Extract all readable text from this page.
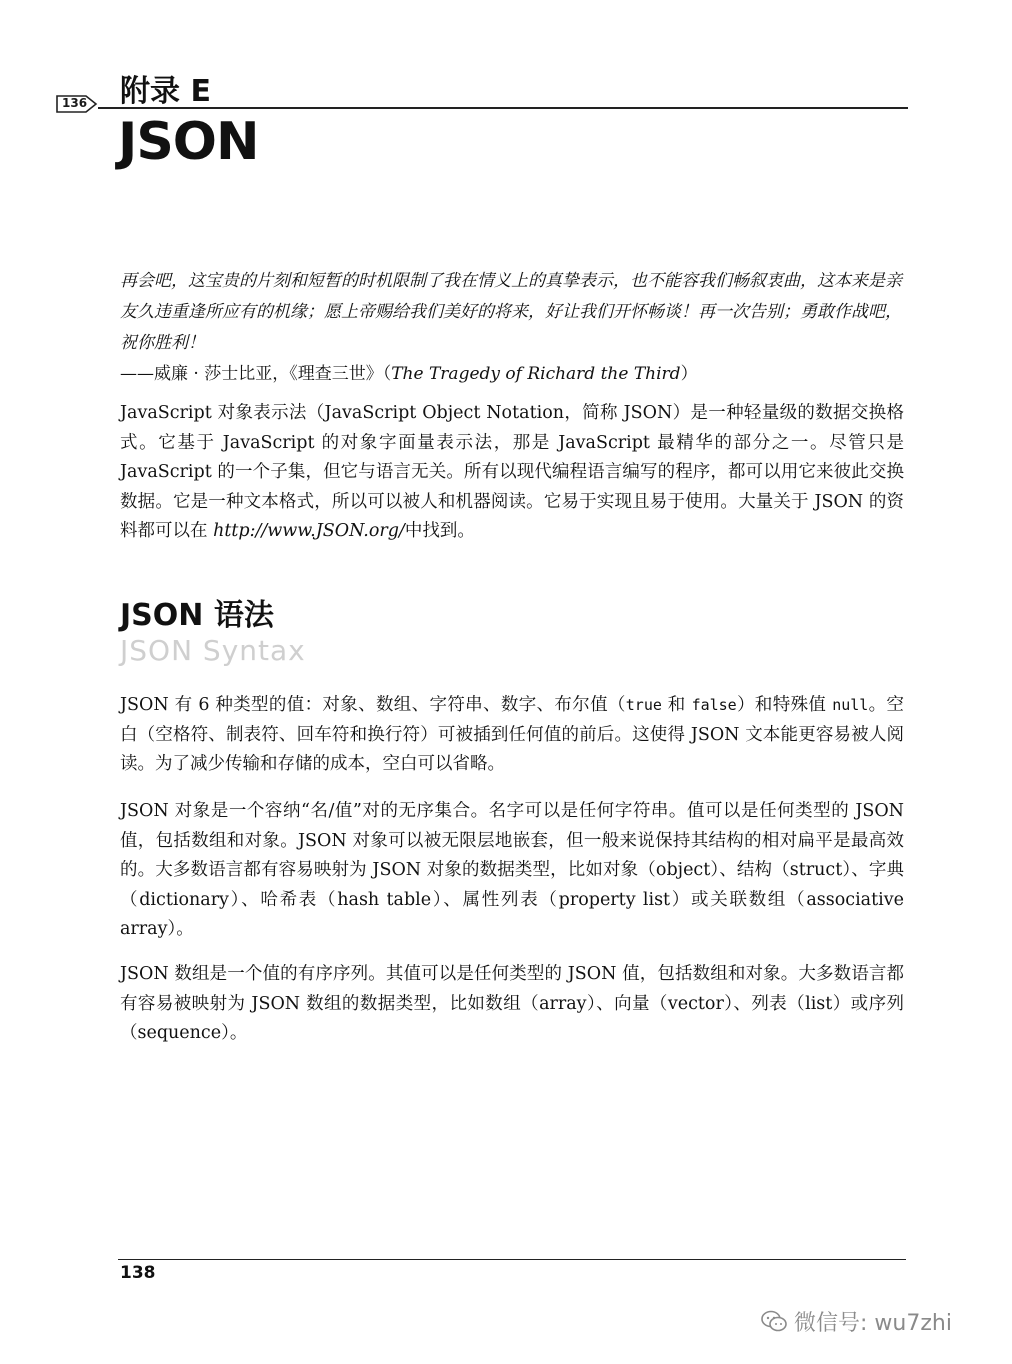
136 附录 E
JSON

再会吧，这宝贵的片刻和短暂的时机限制了我在情义上的真挚表示，也不能容我们畅叙衷曲，这本来是亲友久违重逢所应有的机缘；愿上帝赐给我们美好的将来，好让我们开怀畅谈！再一次告别；勇敢作战吧，祝你胜利！

——威廉 · 莎士比亚，《理查三世》（The Tragedy of Richard the Third）

JavaScript 对象表示法（JavaScript Object Notation，简称 JSON）是一种轻量级的数据交换格式。它基于 JavaScript 的对象字面量表示法，那是 JavaScript 最精华的部分之一。尽管只是 JavaScript 的一个子集，但它与语言无关。所有以现代编程语言编写的程序，都可以用它来彼此交换数据。它是一种文本格式，所以可以被人和机器阅读。它易于实现且易于使用。大量关于 JSON 的资料都可以在 http://www.JSON.org/中找到。

JSON 语法
JSON Syntax

JSON 有 6 种类型的值：对象、数组、字符串、数字、布尔值（true 和 false）和特殊值 null。空白（空格符、制表符、回车符和换行符）可被插到任何值的前后。这使得 JSON 文本能更容易被人阅读。为了减少传输和存储的成本，空白可以省略。

JSON 对象是一个容纳“名/值”对的无序集合。名字可以是任何字符串。值可以是任何类型的 JSON 值，包括数组和对象。JSON 对象可以被无限层地嵌套，但一般来说保持其结构的相对扁平是最高效的。大多数语言都有容易映射为 JSON 对象的数据类型，比如对象（object）、结构（struct）、字典（dictionary）、哈希表（hash table）、属性列表（property list）或关联数组（associative array）。

JSON 数组是一个值的有序序列。其值可以是任何类型的 JSON 值，包括数组和对象。大多数语言都有容易被映射为 JSON 数组的数据类型，比如数组（array）、向量（vector）、列表（list）或序列（sequence）。

138
微信号: wu7zhi
